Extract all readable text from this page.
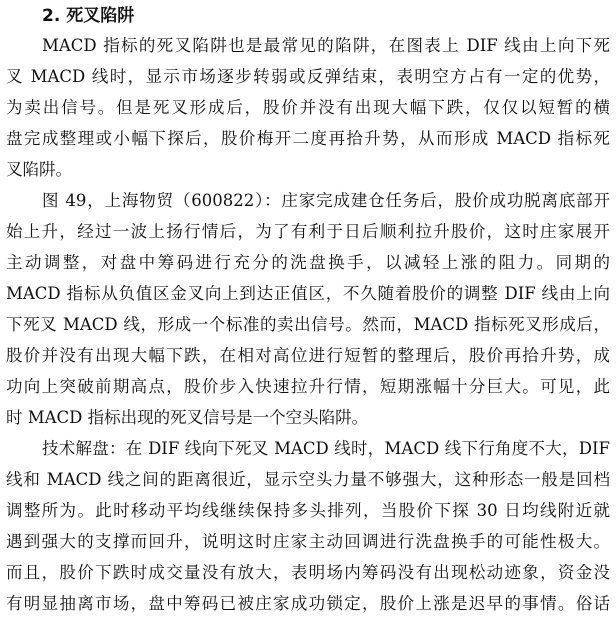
2. 死叉陷阱
MACD 指标的死叉陷阱也是最常见的陷阱，在图表上 DIF 线由上向下死
叉 MACD 线时，显示市场逐步转弱或反弹结束，表明空方占有一定的优势，
为卖出信号。但是死叉形成后，股价并没有出现大幅下跌，仅仅以短暂的横
盘完成整理或小幅下探后，股价梅开二度再拾升势，从而形成 MACD 指标死
叉陷阱。
图 49，上海物贸（600822）：庄家完成建仓任务后，股价成功脱离底部开
始上升，经过一波上扬行情后，为了有利于日后顺利拉升股价，这时庄家展开
主动调整，对盘中筹码进行充分的洗盘换手，以减轻上涨的阻力。同期的
MACD 指标从负值区金叉向上到达正值区，不久随着股价的调整 DIF 线由上向
下死叉 MACD 线，形成一个标准的卖出信号。然而，MACD 指标死叉形成后，
股价并没有出现大幅下跌，在相对高位进行短暂的整理后，股价再拾升势，成
功向上突破前期高点，股价步入快速拉升行情，短期涨幅十分巨大。可见，此
时 MACD 指标出现的死叉信号是一个空头陷阱。
技术解盘：在 DIF 线向下死叉 MACD 线时，MACD 线下行角度不大，DIF
线和 MACD 线之间的距离很近，显示空头力量不够强大，这种形态一般是回档
调整所为。此时移动平均线继续保持多头排列，当股价下探 30 日均线附近就
遇到强大的支撑而回升，说明这时庄家主动回调进行洗盘换手的可能性极大。
而且，股价下跌时成交量没有放大，表明场内筹码没有出现松动迹象，资金没
有明显抽离市场，盘中筹码已被庄家成功锁定，股价上涨是迟早的事情。俗话
